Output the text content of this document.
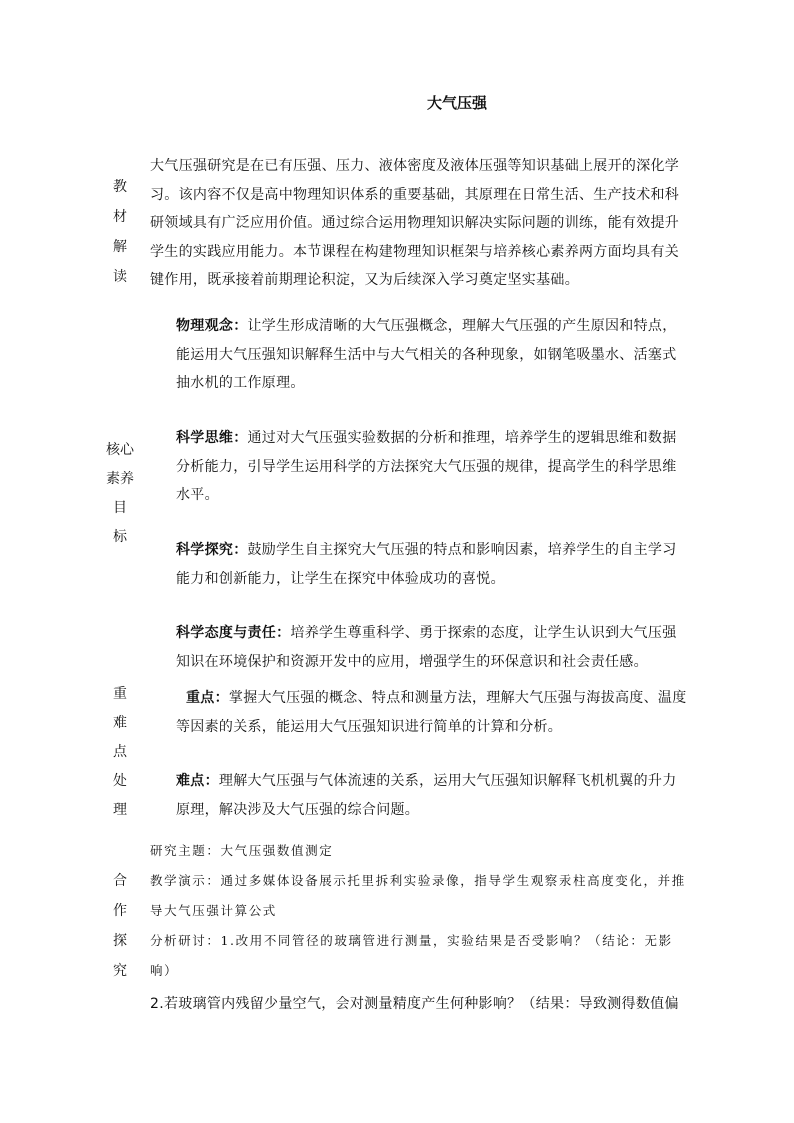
大气压强
教
材
解
读
大气压强研究是在已有压强、压力、液体密度及液体压强等知识基础上展开的深化学习。该内容不仅是高中物理知识体系的重要基础，其原理在日常生活、生产技术和科研领域具有广泛应用价值。通过综合运用物理知识解决实际问题的训练，能有效提升学生的实践应用能力。本节课程在构建物理知识框架与培养核心素养两方面均具有关键作用，既承接着前期理论积淀，又为后续深入学习奠定坚实基础。
核心
素养
目
标
物理观念：让学生形成清晰的大气压强概念，理解大气压强的产生原因和特点，能运用大气压强知识解释生活中与大气相关的各种现象，如钢笔吸墨水、活塞式抽水机的工作原理。
科学思维：通过对大气压强实验数据的分析和推理，培养学生的逻辑思维和数据分析能力，引导学生运用科学的方法探究大气压强的规律，提高学生的科学思维水平。
科学探究：鼓励学生自主探究大气压强的特点和影响因素，培养学生的自主学习能力和创新能力，让学生在探究中体验成功的喜悦。
科学态度与责任：培养学生尊重科学、勇于探索的态度，让学生认识到大气压强知识在环境保护和资源开发中的应用，增强学生的环保意识和社会责任感。
重
难
点
处
理
重点：掌握大气压强的概念、特点和测量方法，理解大气压强与海拔高度、温度等因素的关系，能运用大气压强知识进行简单的计算和分析。
难点：理解大气压强与气体流速的关系，运用大气压强知识解释飞机机翼的升力原理，解决涉及大气压强的综合问题。
合
作
探
究
研究主题：大气压强数值测定
教学演示：通过多媒体设备展示托里拆利实验录像，指导学生观察汞柱高度变化，并推导大气压强计算公式
分析研讨：1.改用不同管径的玻璃管进行测量，实验结果是否受影响？（结论：无影响）
2.若玻璃管内残留少量空气，会对测量精度产生何种影响？（结果：导致测得数值偏
